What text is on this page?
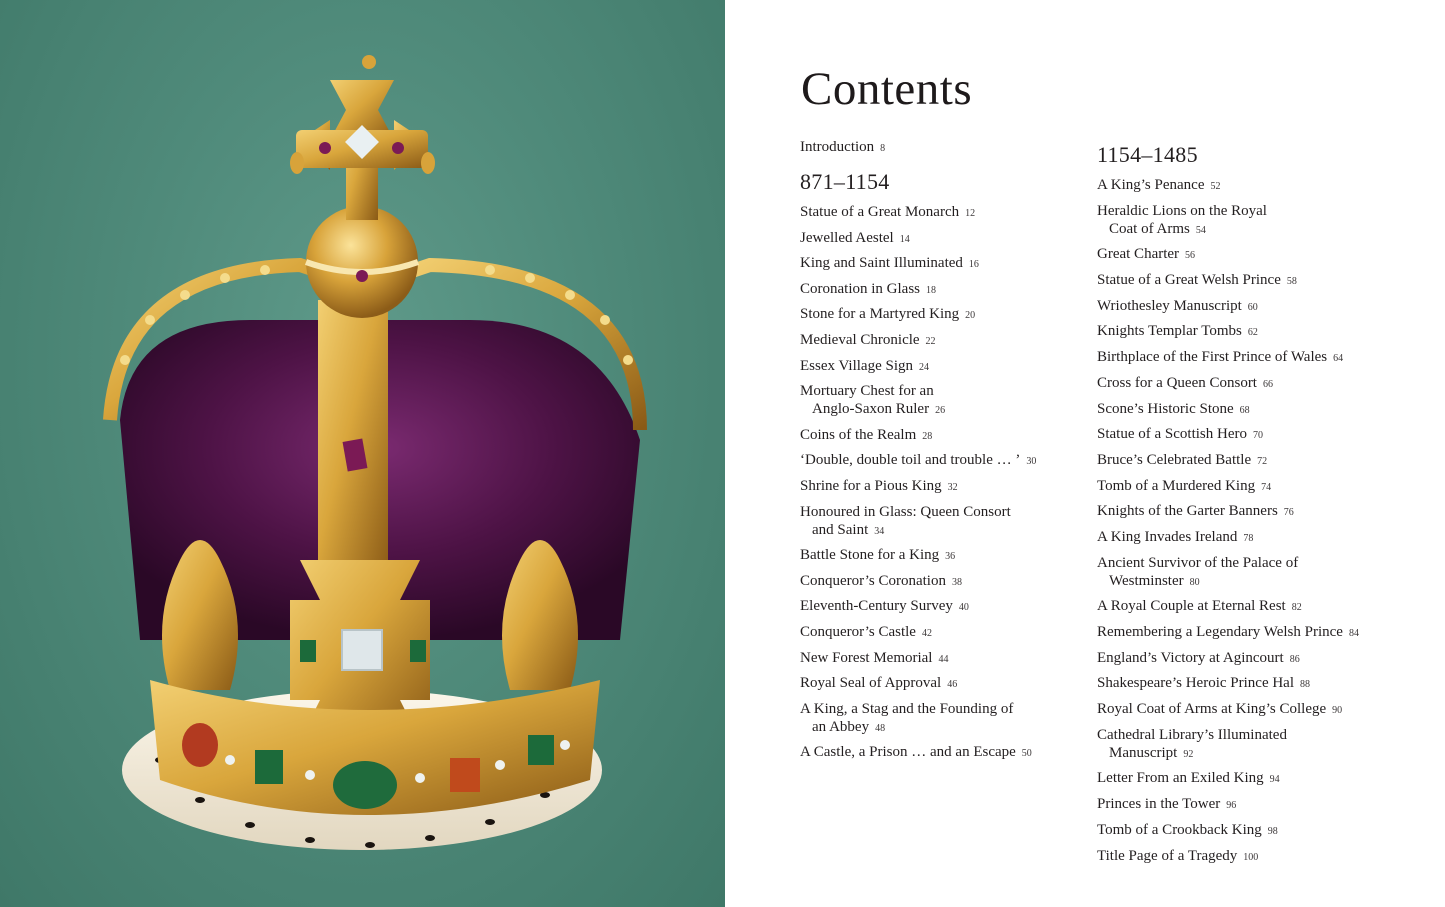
Contents
Introduction 8
871–1154
Statue of a Great Monarch 12
Jewelled Aestel 14
King and Saint Illuminated 16
Coronation in Glass 18
Stone for a Martyred King 20
Medieval Chronicle 22
Essex Village Sign 24
Mortuary Chest for an

Anglo-Saxon Ruler 26
Coins of the Realm 28
‘Double, double toil and trouble … ’ 30
Shrine for a Pious King 32
Honoured in Glass: Queen Consort

and Saint 34
Battle Stone for a King 36
Conqueror’s Coronation 38
Eleventh-Century Survey 40
Conqueror’s Castle 42
New Forest Memorial 44
Royal Seal of Approval 46
A King, a Stag and the Founding of

an Abbey 48
A Castle, a Prison … and an Escape 50
1154–1485
A King’s Penance 52
Heraldic Lions on the Royal

Coat of Arms 54
Great Charter 56
Statue of a Great Welsh Prince 58
Wriothesley Manuscript 60
Knights Templar Tombs 62
Birthplace of the First Prince of Wales 64
Cross for a Queen Consort 66
Scone’s Historic Stone 68
Statue of a Scottish Hero 70
Bruce’s Celebrated Battle 72
Tomb of a Murdered King 74
Knights of the Garter Banners 76
A King Invades Ireland 78
Ancient Survivor of the Palace of

Westminster 80
A Royal Couple at Eternal Rest 82
Remembering a Legendary Welsh Prince 84
England’s Victory at Agincourt 86
Shakespeare’s Heroic Prince Hal 88
Royal Coat of Arms at King’s College 90
Cathedral Library’s Illuminated

Manuscript 92
Letter From an Exiled King 94
Princes in the Tower 96
Tomb of a Crookback King 98
Title Page of a Tragedy 100
